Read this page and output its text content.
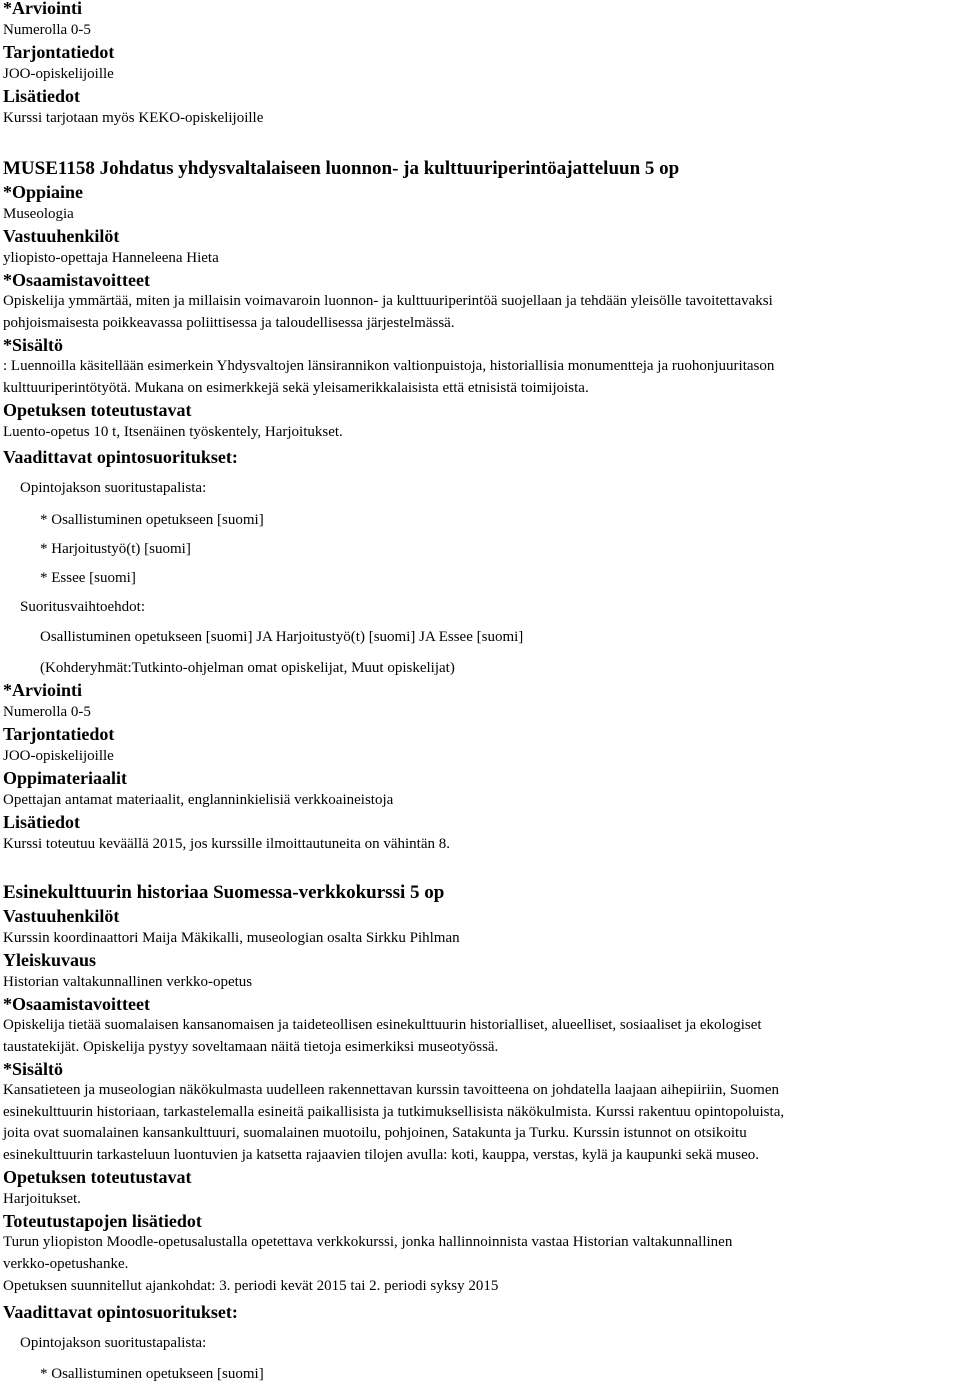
*Arviointi

Numerolla 0-5

Tarjontatiedot

JOO-opiskelijoille

Lisätiedot

Kurssi tarjotaan myös KEKO-opiskelijoille

MUSE1158 Johdatus yhdysvaltalaiseen luonnon- ja kulttuuriperintöajatteluun 5 op

*Oppiaine

Museologia

Vastuuhenkilöt

yliopisto-opettaja Hanneleena Hieta

*Osaamistavoitteet

Opiskelija ymmärtää, miten ja millaisin voimavaroin luonnon- ja kulttuuriperintöä suojellaan ja tehdään yleisölle tavoitettavaksi

pohjoismaisesta poikkeavassa poliittisessa ja taloudellisessa järjestelmässä.

*Sisältö

: Luennoilla käsitellään esimerkein Yhdysvaltojen länsirannikon valtionpuistoja, historiallisia monumentteja ja ruohonjuuritason

kulttuuriperintötyötä. Mukana on esimerkkejä sekä yleisamerikkalaisista että etnisistä toimijoista.

Opetuksen toteutustavat

Luento-opetus 10 t, Itsenäinen työskentely, Harjoitukset.

Vaadittavat opintosuoritukset:

Opintojakson suoritustapalista:

* Osallistuminen opetukseen [suomi]

* Harjoitustyö(t) [suomi]

* Essee [suomi]

Suoritusvaihtoehdot:

Osallistuminen opetukseen [suomi] JA Harjoitustyö(t) [suomi] JA Essee [suomi]

(Kohderyhmät:Tutkinto-ohjelman omat opiskelijat, Muut opiskelijat)

*Arviointi

Numerolla 0-5

Tarjontatiedot

JOO-opiskelijoille

Oppimateriaalit

Opettajan antamat materiaalit, englanninkielisiä verkkoaineistoja

Lisätiedot

Kurssi toteutuu keväällä 2015, jos kurssille ilmoittautuneita on vähintän 8.

Esinekulttuurin historiaa Suomessa-verkkokurssi 5 op

Vastuuhenkilöt

Kurssin koordinaattori Maija Mäkikalli, museologian osalta Sirkku Pihlman

Yleiskuvaus

Historian valtakunnallinen verkko-opetus

*Osaamistavoitteet

Opiskelija tietää suomalaisen kansanomaisen ja taideteollisen esinekulttuurin historialliset, alueelliset, sosiaaliset ja ekologiset

taustatekijät. Opiskelija pystyy soveltamaan näitä tietoja esimerkiksi museotyössä.

*Sisältö

Kansatieteen ja museologian näkökulmasta uudelleen rakennettavan kurssin tavoitteena on johdatella laajaan aihepiiriin, Suomen

esinekulttuurin historiaan, tarkastelemalla esineitä paikallisista ja tutkimuksellisista näkökulmista. Kurssi rakentuu opintopoluista,

joita ovat suomalainen kansankulttuuri, suomalainen muotoilu, pohjoinen, Satakunta ja Turku. Kurssin istunnot on otsikoitu

esinekulttuurin tarkasteluun luontuvien ja katsetta rajaavien tilojen avulla: koti, kauppa, verstas, kylä ja kaupunki sekä museo.

Opetuksen toteutustavat

Harjoitukset.

Toteutustapojen lisätiedot

Turun yliopiston Moodle-opetusalustalla opetettava verkkokurssi, jonka hallinnoinnista vastaa Historian valtakunnallinen

verkko-opetushanke.

Opetuksen suunnitellut ajankohdat: 3. periodi kevät 2015 tai 2. periodi syksy 2015

Vaadittavat opintosuoritukset:

Opintojakson suoritustapalista:

* Osallistuminen opetukseen [suomi]
